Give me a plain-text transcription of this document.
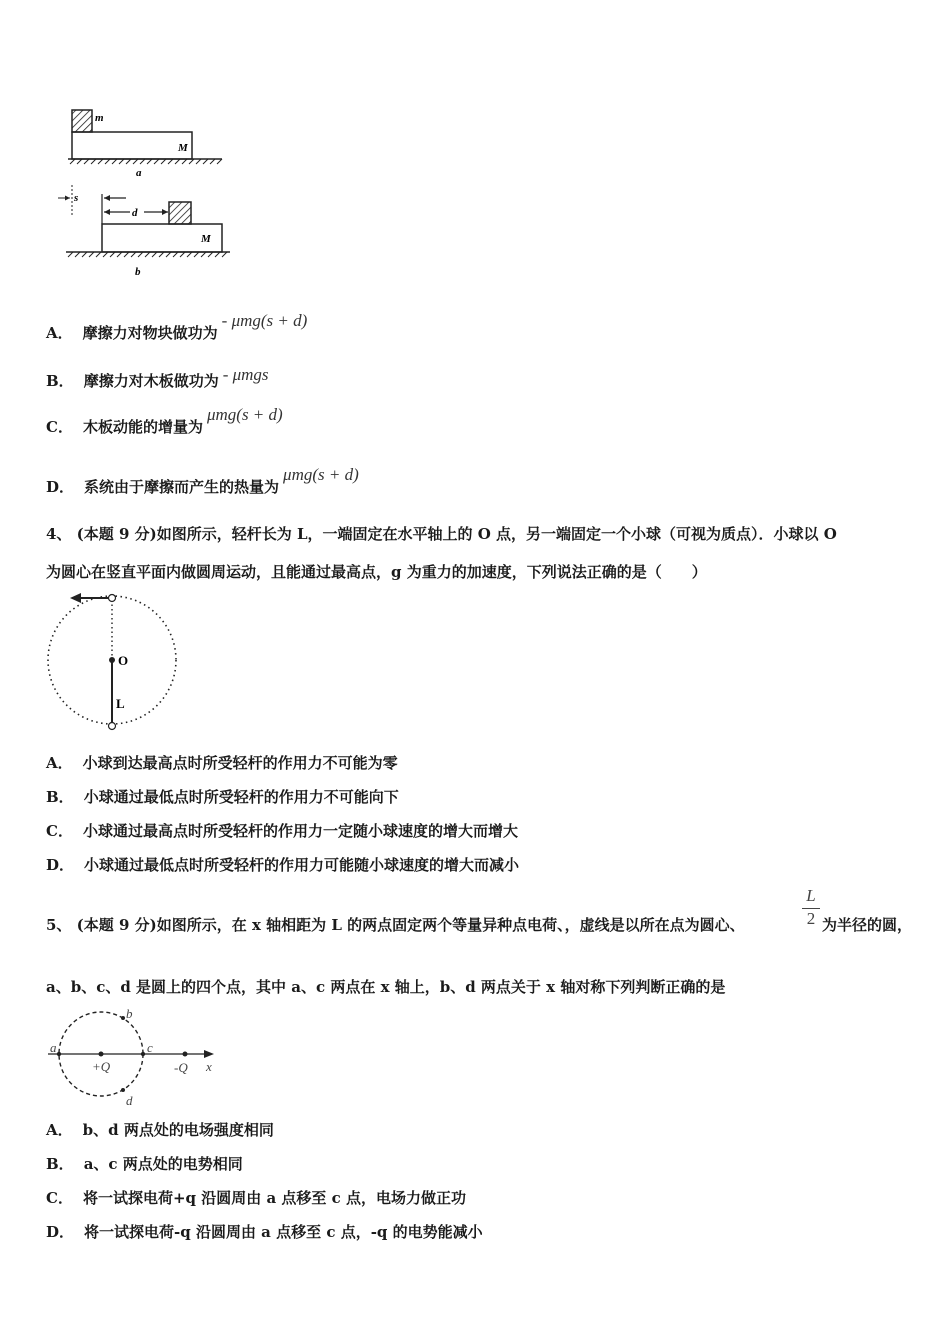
m
M
a
s
d
M
b
A． 摩擦力对物块做功为- μmg(s + d)
B． 摩擦力对木板做功为 - μmgs
C． 木板动能的增量为μmg(s + d)
D． 系统由于摩擦而产生的热量为μmg(s + d)
4、 (本题 9 分)如图所示，轻杆长为 L，一端固定在水平轴上的 O 点，另一端固定一个小球（可视为质点）．小球以 O
为圆心在竖直平面内做圆周运动，且能通过最高点，g 为重力的加速度，下列说法正确的是（　　）
O
L
A． 小球到达最高点时所受轻杆的作用力不可能为零
B． 小球通过最低点时所受轻杆的作用力不可能向下
C． 小球通过最高点时所受轻杆的作用力一定随小球速度的增大而增大
D． 小球通过最低点时所受轻杆的作用力可能随小球速度的增大而减小
5、 (本题 9 分)如图所示，在 x 轴相距为 L 的两点固定两个等量异种点电荷、，虚线是以所在点为圆心、
L
2 为半径的圆，
a、b、c、d 是圆上的四个点，其中 a、c 两点在 x 轴上，b、d 两点关于 x 轴对称下列判断正确的是
x
a	c
+Q	-Q
b
d
A． b、d 两点处的电场强度相同
B． a、c 两点处的电势相同
C． 将一试探电荷+q 沿圆周由 a 点移至 c 点，电场力做正功
D． 将一试探电荷-q 沿圆周由 a 点移至 c 点，-q 的电势能减小
